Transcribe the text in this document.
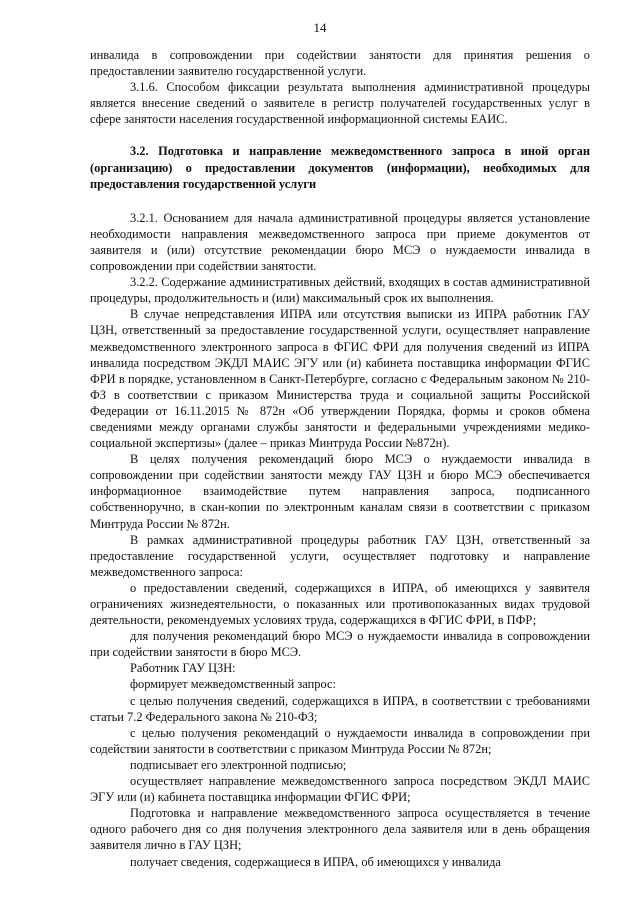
14

инвалида в сопровождении при содействии занятости для принятия решения о предоставлении заявителю государственной услуги.

3.1.6. Способом фиксации результата выполнения административной процедуры является внесение сведений о заявителе в регистр получателей государственных услуг в сфере занятости населения государственной информационной системы ЕАИС.

3.2. Подготовка и направление межведомственного запроса в иной орган (организацию) о предоставлении документов (информации), необходимых для предоставления государственной услуги

3.2.1. Основанием для начала административной процедуры является установление необходимости направления межведомственного запроса при приеме документов от заявителя и (или) отсутствие рекомендации бюро МСЭ о нуждаемости инвалида в сопровождении при содействии занятости.

3.2.2. Содержание административных действий, входящих в состав административной процедуры, продолжительность и (или) максимальный срок их выполнения.

В случае непредставления ИПРА или отсутствия выписки из ИПРА работник ГАУ ЦЗН, ответственный за предоставление государственной услуги, осуществляет направление межведомственного электронного запроса в ФГИС ФРИ для получения сведений из ИПРА инвалида посредством ЭКДЛ МАИС ЭГУ или (и) кабинета поставщика информации ФГИС ФРИ в порядке, установленном в Санкт-Петербурге, согласно с Федеральным законом № 210-ФЗ в соответствии с приказом Министерства труда и социальной защиты Российской Федерации от 16.11.2015 № 872н «Об утверждении Порядка, формы и сроков обмена сведениями между органами службы занятости и федеральными учреждениями медико-социальной экспертизы» (далее – приказ Минтруда России №872н).

В целях получения рекомендаций бюро МСЭ о нуждаемости инвалида в сопровождении при содействии занятости между ГАУ ЦЗН и бюро МСЭ обеспечивается информационное взаимодействие путем направления запроса, подписанного собственноручно, в скан-копии по электронным каналам связи в соответствии с приказом Минтруда России № 872н.

В рамках административной процедуры работник ГАУ ЦЗН, ответственный за предоставление государственной услуги, осуществляет подготовку и направление межведомственного запроса:

о предоставлении сведений, содержащихся в ИПРА, об имеющихся у заявителя ограничениях жизнедеятельности, о показанных или противопоказанных видах трудовой деятельности, рекомендуемых условиях труда, содержащихся в ФГИС ФРИ, в ПФР;

для получения рекомендаций бюро МСЭ о нуждаемости инвалида в сопровождении при содействии занятости в бюро МСЭ.

Работник ГАУ ЦЗН:

формирует межведомственный запрос:

с целью получения сведений, содержащихся в ИПРА, в соответствии с требованиями статьи 7.2 Федерального закона № 210-ФЗ;

с целью получения рекомендаций о нуждаемости инвалида в сопровождении при содействии занятости в соответствии с приказом Минтруда России № 872н;

подписывает его электронной подписью;

осуществляет направление межведомственного запроса посредством ЭКДЛ МАИС ЭГУ или (и) кабинета поставщика информации ФГИС ФРИ;

Подготовка и направление межведомственного запроса осуществляется в течение одного рабочего дня со дня получения электронного дела заявителя или в день обращения заявителя лично в ГАУ ЦЗН;

получает сведения, содержащиеся в ИПРА, об имеющихся у инвалида
